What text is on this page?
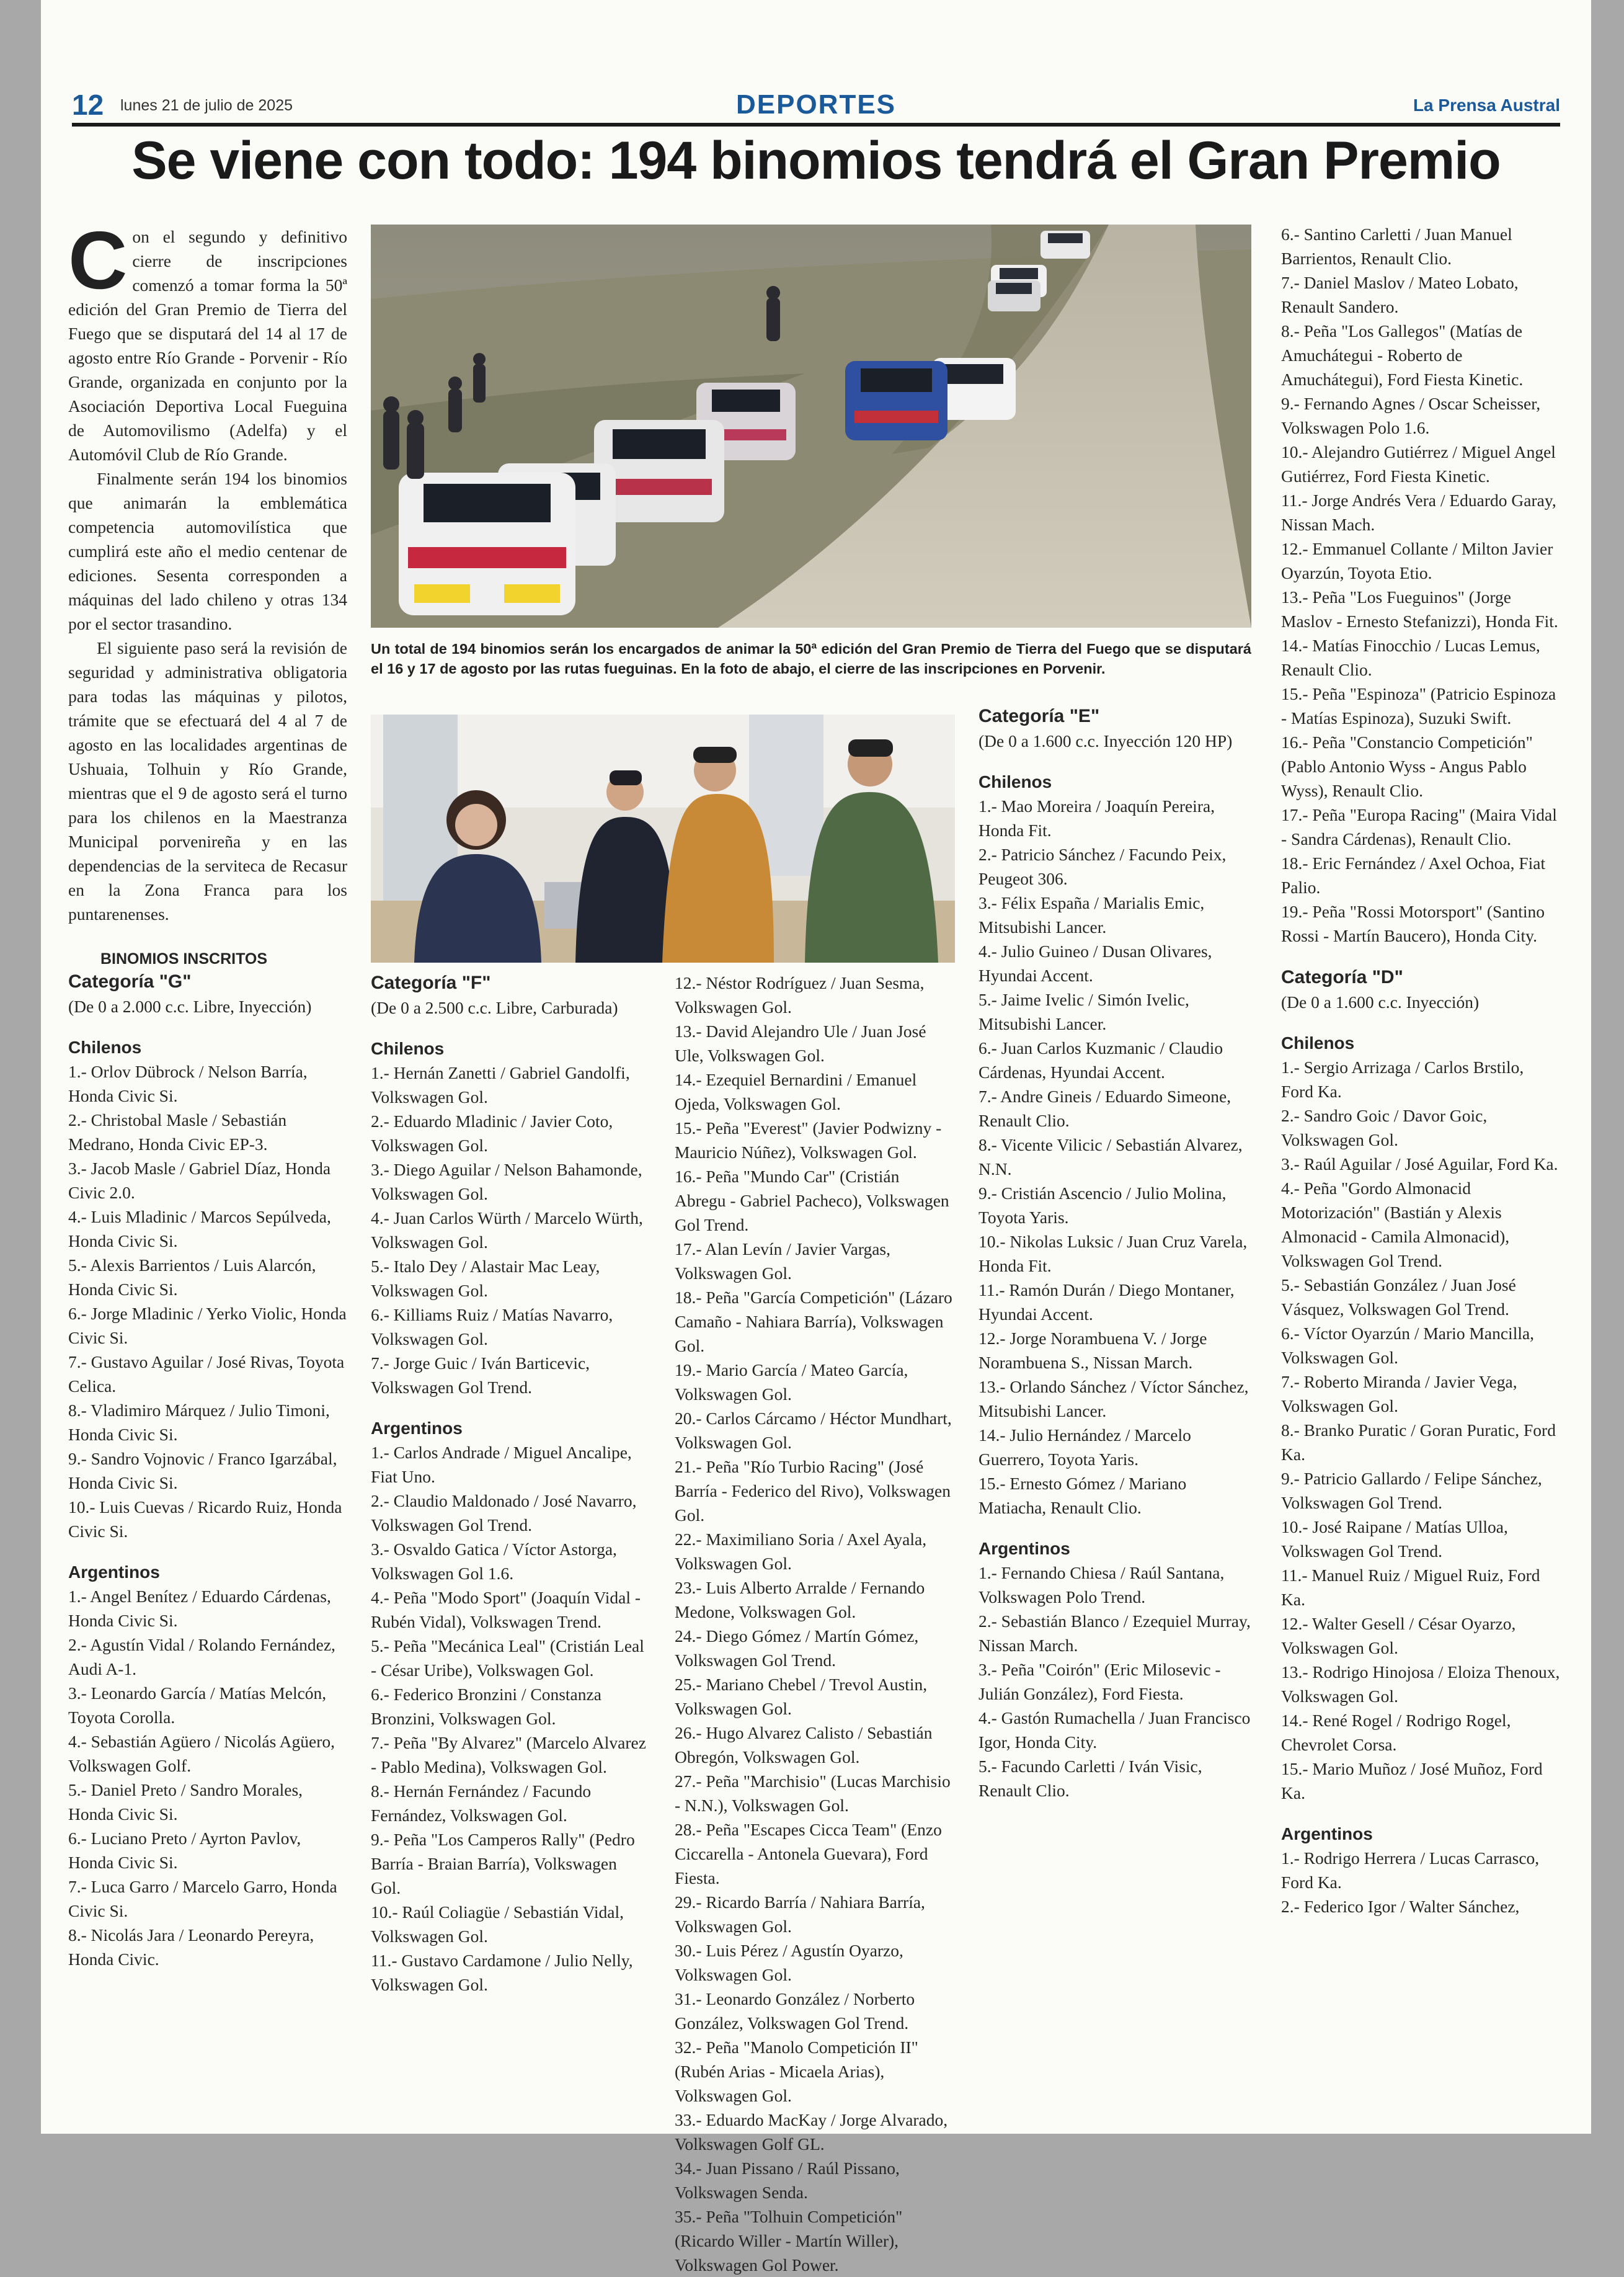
12 lunes 21 de julio de 2025	DEPORTES	La Prensa Austral
Se viene con todo: 194 binomios tendrá el Gran Premio

Con el segundo y definitivo cierre de inscripciones comenzó a tomar forma la 50ª edición del Gran Premio de Tierra del Fuego que se disputará del 14 al 17 de agosto entre Río Grande - Porvenir - Río Grande, organizada en conjunto por la Asociación Deportiva Local Fueguina de Automovilismo (Adelfa) y el Automóvil Club de Río Grande.

Finalmente serán 194 los binomios que animarán la emblemática competencia automovilística que cumplirá este año el medio centenar de ediciones. Sesenta corresponden a máquinas del lado chileno y otras 134 por el sector trasandino.

El siguiente paso será la revisión de seguridad y administrativa obligatoria para todas las máquinas y pilotos, trámite que se efectuará del 4 al 7 de agosto en las localidades argentinas de Ushuaia, Tolhuin y Río Grande, mientras que el 9 de agosto será el turno para los chilenos en la Maestranza Municipal porvenireña y en las dependencias de la serviteca de Recasur en la Zona Franca para los puntarenenses.

BINOMIOS INSCRITOS
Categoría "G"

(De 0 a 2.000 c.c. Libre, Inyección)

Chilenos

1.- Orlov Dübrock / Nelson Barría, Honda Civic Si.

2.- Christobal Masle / Sebastián Medrano, Honda Civic EP-3.

3.- Jacob Masle / Gabriel Díaz, Honda Civic 2.0.

4.- Luis Mladinic / Marcos Sepúlveda, Honda Civic Si.

5.- Alexis Barrientos / Luis Alarcón, Honda Civic Si.

6.- Jorge Mladinic / Yerko Violic, Honda Civic Si.

7.- Gustavo Aguilar / José Rivas, Toyota Celica.

8.- Vladimiro Márquez / Julio Timoni, Honda Civic Si.

9.- Sandro Vojnovic / Franco Igarzábal, Honda Civic Si.

10.- Luis Cuevas / Ricardo Ruiz, Honda Civic Si.

Argentinos

1.- Angel Benítez / Eduardo Cárdenas, Honda Civic Si.

2.- Agustín Vidal / Rolando Fernández, Audi A-1.

3.- Leonardo García / Matías Melcón, Toyota Corolla.

4.- Sebastián Agüero / Nicolás Agüero, Volkswagen Golf.

5.- Daniel Preto / Sandro Morales, Honda Civic Si.

6.- Luciano Preto / Ayrton Pavlov, Honda Civic Si.

7.- Luca Garro / Marcelo Garro, Honda Civic Si.

8.- Nicolás Jara / Leonardo Pereyra, Honda Civic.

Un total de 194 binomios serán los encargados de animar la 50ª edición del Gran Premio de Tierra del Fuego que se disputará el 16 y 17 de agosto por las rutas fueguinas. En la foto de abajo, el cierre de las inscripciones en Porvenir.
Categoría "F"

(De 0 a 2.500 c.c. Libre, Carburada)

Chilenos

1.- Hernán Zanetti / Gabriel Gandolfi, Volkswagen Gol.

2.- Eduardo Mladinic / Javier Coto, Volkswagen Gol.

3.- Diego Aguilar / Nelson Bahamonde, Volkswagen Gol.

4.- Juan Carlos Würth / Marcelo Würth, Volkswagen Gol.

5.- Italo Dey / Alastair Mac Leay, Volkswagen Gol.

6.- Killiams Ruiz / Matías Navarro, Volkswagen Gol.

7.- Jorge Guic / Iván Barticevic, Volkswagen Gol Trend.

Argentinos

1.- Carlos Andrade / Miguel Ancalipe, Fiat Uno.

2.- Claudio Maldonado / José Navarro, Volkswagen Gol Trend.

3.- Osvaldo Gatica / Víctor Astorga, Volkswagen Gol 1.6.

4.- Peña "Modo Sport" (Joaquín Vidal - Rubén Vidal), Volkswagen Trend.

5.- Peña "Mecánica Leal" (Cristián Leal - César Uribe), Volkswagen Gol.

6.- Federico Bronzini / Constanza Bronzini, Volkswagen Gol.

7.- Peña "By Alvarez" (Marcelo Alvarez - Pablo Medina), Volkswagen Gol.

8.- Hernán Fernández / Facundo Fernández, Volkswagen Gol.

9.- Peña "Los Camperos Rally" (Pedro Barría - Braian Barría), Volkswagen Gol.

10.- Raúl Coliagüe / Sebastián Vidal, Volkswagen Gol.

11.- Gustavo Cardamone / Julio Nelly, Volkswagen Gol.

12.- Néstor Rodríguez / Juan Sesma, Volkswagen Gol.

13.- David Alejandro Ule / Juan José Ule, Volkswagen Gol.

14.- Ezequiel Bernardini / Emanuel Ojeda, Volkswagen Gol.

15.- Peña "Everest" (Javier Podwizny - Mauricio Núñez), Volkswagen Gol.

16.- Peña "Mundo Car" (Cristián Abregu - Gabriel Pacheco), Volkswagen Gol Trend.

17.- Alan Levín / Javier Vargas, Volkswagen Gol.

18.- Peña "García Competición" (Lázaro Camaño - Nahiara Barría), Volkswagen Gol.

19.- Mario García / Mateo García, Volkswagen Gol.

20.- Carlos Cárcamo / Héctor Mundhart, Volkswagen Gol.

21.- Peña "Río Turbio Racing" (José Barría - Federico del Rivo), Volkswagen Gol.

22.- Maximiliano Soria / Axel Ayala, Volkswagen Gol.

23.- Luis Alberto Arralde / Fernando Medone, Volkswagen Gol.

24.- Diego Gómez / Martín Gómez, Volkswagen Gol Trend.

25.- Mariano Chebel / Trevol Austin, Volkswagen Gol.

26.- Hugo Alvarez Calisto / Sebastián Obregón, Volkswagen Gol.

27.- Peña "Marchisio" (Lucas Marchisio - N.N.), Volkswagen Gol.

28.- Peña "Escapes Cicca Team" (Enzo Ciccarella - Antonela Guevara), Ford Fiesta.

29.- Ricardo Barría / Nahiara Barría, Volkswagen Gol.

30.- Luis Pérez / Agustín Oyarzo, Volkswagen Gol.

31.- Leonardo González / Norberto González, Volkswagen Gol Trend.

32.- Peña "Manolo Competición II" (Rubén Arias - Micaela Arias), Volkswagen Gol.

33.- Eduardo MacKay / Jorge Alvarado, Volkswagen Golf GL.

34.- Juan Pissano / Raúl Pissano, Volkswagen Senda.

35.- Peña "Tolhuin Competición" (Ricardo Willer - Martín Willer), Volkswagen Gol Power.

Categoría "E"

(De 0 a 1.600 c.c. Inyección 120 HP)

Chilenos

1.- Mao Moreira / Joaquín Pereira, Honda Fit.

2.- Patricio Sánchez / Facundo Peix, Peugeot 306.

3.- Félix España / Marialis Emic, Mitsubishi Lancer.

4.- Julio Guineo / Dusan Olivares, Hyundai Accent.

5.- Jaime Ivelic / Simón Ivelic, Mitsubishi Lancer.

6.- Juan Carlos Kuzmanic / Claudio Cárdenas, Hyundai Accent.

7.- Andre Gineis / Eduardo Simeone, Renault Clio.

8.- Vicente Vilicic / Sebastián Alvarez, N.N.

9.- Cristián Ascencio / Julio Molina, Toyota Yaris.

10.- Nikolas Luksic / Juan Cruz Varela, Honda Fit.

11.- Ramón Durán / Diego Montaner, Hyundai Accent.

12.- Jorge Norambuena V. / Jorge Norambuena S., Nissan March.

13.- Orlando Sánchez / Víctor Sánchez, Mitsubishi Lancer.

14.- Julio Hernández / Marcelo Guerrero, Toyota Yaris.

15.- Ernesto Gómez / Mariano Matiacha, Renault Clio.

Argentinos

1.- Fernando Chiesa / Raúl Santana, Volkswagen Polo Trend.

2.- Sebastián Blanco / Ezequiel Murray, Nissan March.

3.- Peña "Coirón" (Eric Milosevic - Julián González), Ford Fiesta.

4.- Gastón Rumachella / Juan Francisco Igor, Honda City.

5.- Facundo Carletti / Iván Visic, Renault Clio.

6.- Santino Carletti / Juan Manuel Barrientos, Renault Clio.

7.- Daniel Maslov / Mateo Lobato, Renault Sandero.

8.- Peña "Los Gallegos" (Matías de Amuchátegui - Roberto de Amuchátegui), Ford Fiesta Kinetic.

9.- Fernando Agnes / Oscar Scheisser, Volkswagen Polo 1.6.

10.- Alejandro Gutiérrez / Miguel Angel Gutiérrez, Ford Fiesta Kinetic.

11.- Jorge Andrés Vera / Eduardo Garay, Nissan Mach.

12.- Emmanuel Collante / Milton Javier Oyarzún, Toyota Etio.

13.- Peña "Los Fueguinos" (Jorge Maslov - Ernesto Stefanizzi), Honda Fit.

14.- Matías Finocchio / Lucas Lemus, Renault Clio.

15.- Peña "Espinoza" (Patricio Espinoza - Matías Espinoza), Suzuki Swift.

16.- Peña "Constancio Competición" (Pablo Antonio Wyss - Angus Pablo Wyss), Renault Clio.

17.- Peña "Europa Racing" (Maira Vidal - Sandra Cárdenas), Renault Clio.

18.- Eric Fernández / Axel Ochoa, Fiat Palio.

19.- Peña "Rossi Motorsport" (Santino Rossi - Martín Baucero), Honda City.

Categoría "D"

(De 0 a 1.600 c.c. Inyección)

Chilenos

1.- Sergio Arrizaga / Carlos Brstilo, Ford Ka.

2.- Sandro Goic / Davor Goic, Volkswagen Gol.

3.- Raúl Aguilar / José Aguilar, Ford Ka.

4.- Peña "Gordo Almonacid Motorización" (Bastián y Alexis Almonacid - Camila Almonacid), Volkswagen Gol Trend.

5.- Sebastián González / Juan José Vásquez, Volkswagen Gol Trend.

6.- Víctor Oyarzún / Mario Mancilla, Volkswagen Gol.

7.- Roberto Miranda / Javier Vega, Volkswagen Gol.

8.- Branko Puratic / Goran Puratic, Ford Ka.

9.- Patricio Gallardo / Felipe Sánchez, Volkswagen Gol Trend.

10.- José Raipane / Matías Ulloa, Volkswagen Gol Trend.

11.- Manuel Ruiz / Miguel Ruiz, Ford Ka.

12.- Walter Gesell / César Oyarzo, Volkswagen Gol.

13.- Rodrigo Hinojosa / Eloiza Thenoux, Volkswagen Gol.

14.- René Rogel / Rodrigo Rogel, Chevrolet Corsa.

15.- Mario Muñoz / José Muñoz, Ford Ka.

Argentinos

1.- Rodrigo Herrera / Lucas Carrasco, Ford Ka.

2.- Federico Igor / Walter Sánchez,
